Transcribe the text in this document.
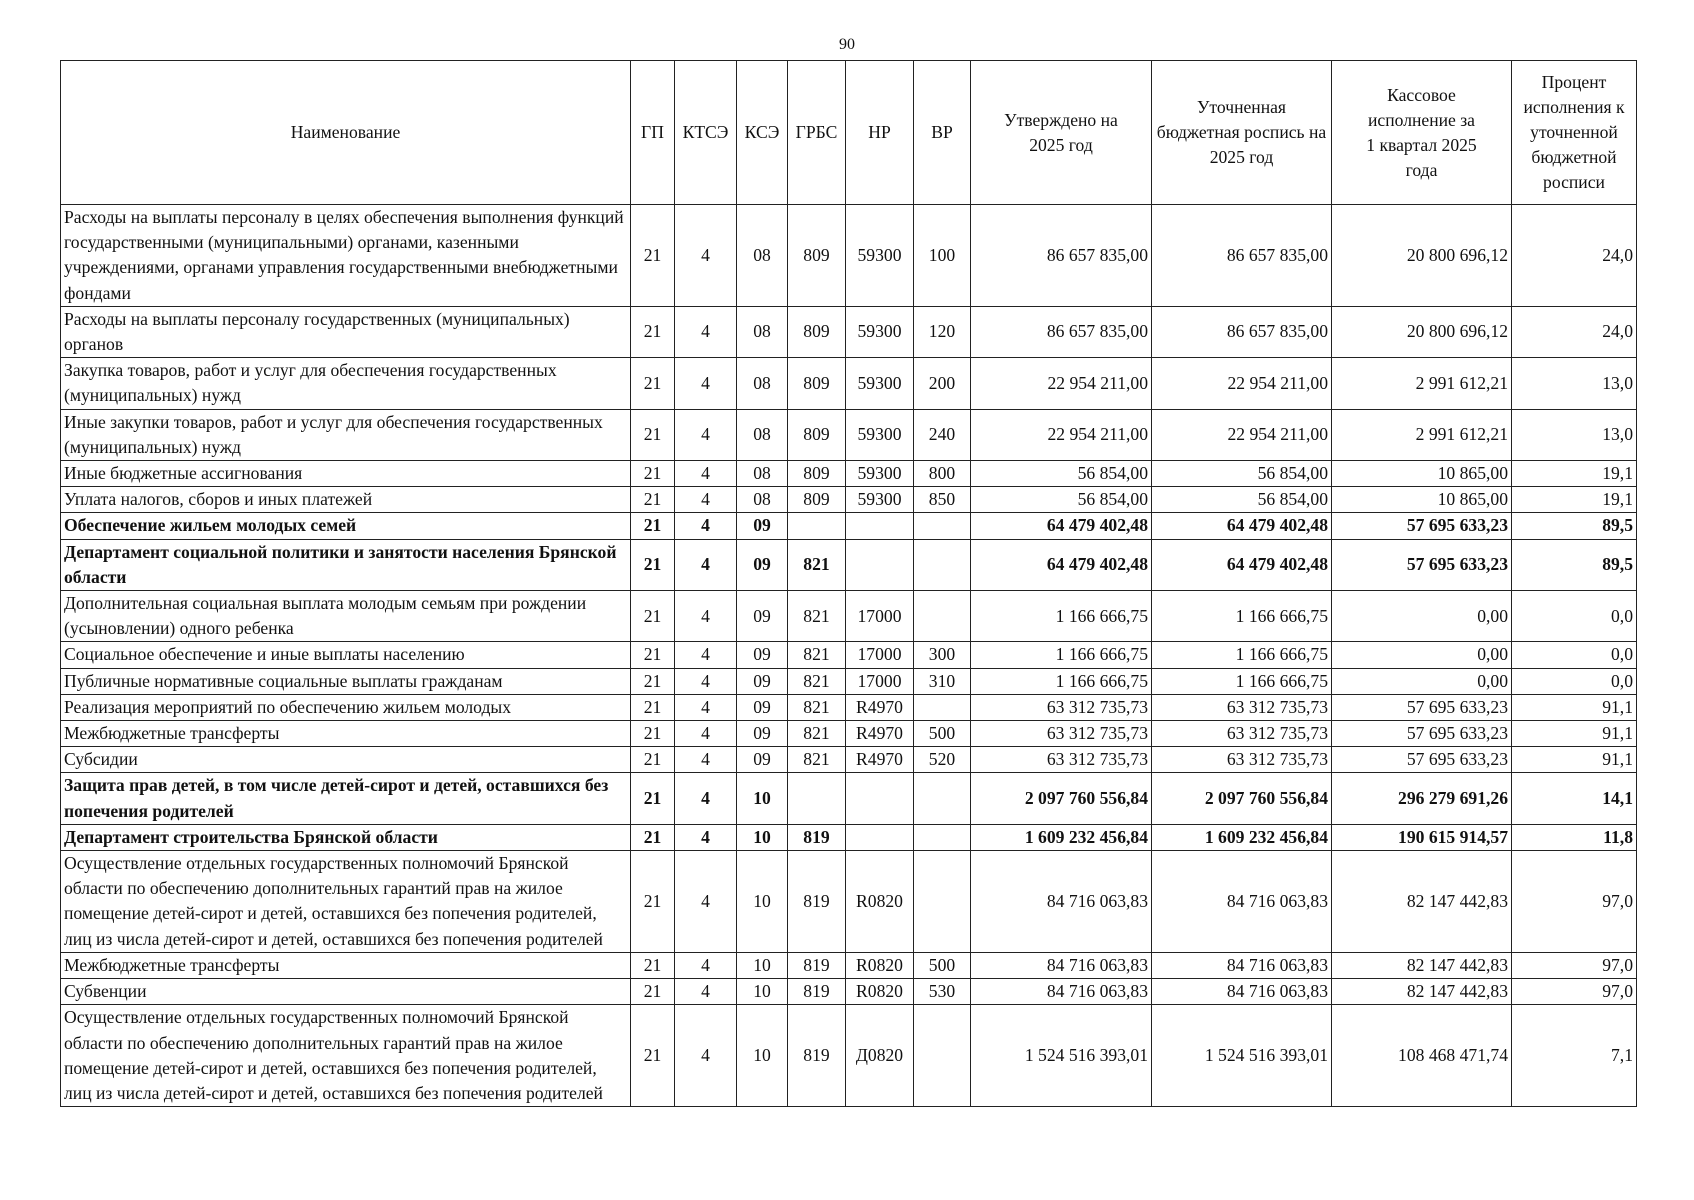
90
Наименование	ГП	КТСЭ	КСЭ	ГРБС	НР	ВР	Утверждено на 2025 год	Уточненная бюджетная роспись на 2025 год	Кассовое исполнение за 1 квартал 2025 года	Процент исполнения к уточненной бюджетной росписи
Расходы на выплаты персоналу в целях обеспечения выполнения функций государственными (муниципальными) органами, казенными учреждениями, органами управления государственными внебюджетными фондами	21	4	08	809	59300	100	86 657 835,00	86 657 835,00	20 800 696,12	24,0
Расходы на выплаты персоналу государственных (муниципальных) органов	21	4	08	809	59300	120	86 657 835,00	86 657 835,00	20 800 696,12	24,0
Закупка товаров, работ и услуг для обеспечения государственных (муниципальных) нужд	21	4	08	809	59300	200	22 954 211,00	22 954 211,00	2 991 612,21	13,0
Иные закупки товаров, работ и услуг для обеспечения государственных (муниципальных) нужд	21	4	08	809	59300	240	22 954 211,00	22 954 211,00	2 991 612,21	13,0
Иные бюджетные ассигнования	21	4	08	809	59300	800	56 854,00	56 854,00	10 865,00	19,1
Уплата налогов, сборов и иных платежей	21	4	08	809	59300	850	56 854,00	56 854,00	10 865,00	19,1
Обеспечение жильем молодых семей	21	4	09				64 479 402,48	64 479 402,48	57 695 633,23	89,5
Департамент социальной политики и занятости населения Брянской области	21	4	09	821			64 479 402,48	64 479 402,48	57 695 633,23	89,5
Дополнительная социальная выплата молодым семьям при рождении (усыновлении) одного ребенка	21	4	09	821	17000		1 166 666,75	1 166 666,75	0,00	0,0
Социальное обеспечение и иные выплаты населению	21	4	09	821	17000	300	1 166 666,75	1 166 666,75	0,00	0,0
Публичные нормативные социальные выплаты гражданам	21	4	09	821	17000	310	1 166 666,75	1 166 666,75	0,00	0,0
Реализация мероприятий по обеспечению жильем молодых	21	4	09	821	R4970		63 312 735,73	63 312 735,73	57 695 633,23	91,1
Межбюджетные трансферты	21	4	09	821	R4970	500	63 312 735,73	63 312 735,73	57 695 633,23	91,1
Субсидии	21	4	09	821	R4970	520	63 312 735,73	63 312 735,73	57 695 633,23	91,1
Защита прав детей, в том числе детей-сирот и детей, оставшихся без попечения родителей	21	4	10				2 097 760 556,84	2 097 760 556,84	296 279 691,26	14,1
Департамент строительства Брянской области	21	4	10	819			1 609 232 456,84	1 609 232 456,84	190 615 914,57	11,8
Осуществление отдельных государственных полномочий Брянской области по обеспечению дополнительных гарантий прав на жилое помещение детей-сирот и детей, оставшихся без попечения родителей, лиц из числа детей-сирот и детей, оставшихся без попечения родителей	21	4	10	819	R0820		84 716 063,83	84 716 063,83	82 147 442,83	97,0
Межбюджетные трансферты	21	4	10	819	R0820	500	84 716 063,83	84 716 063,83	82 147 442,83	97,0
Субвенции	21	4	10	819	R0820	530	84 716 063,83	84 716 063,83	82 147 442,83	97,0
Осуществление отдельных государственных полномочий Брянской области по обеспечению дополнительных гарантий прав на жилое помещение детей-сирот и детей, оставшихся без попечения родителей, лиц из числа детей-сирот и детей, оставшихся без попечения родителей	21	4	10	819	Д0820		1 524 516 393,01	1 524 516 393,01	108 468 471,74	7,1
